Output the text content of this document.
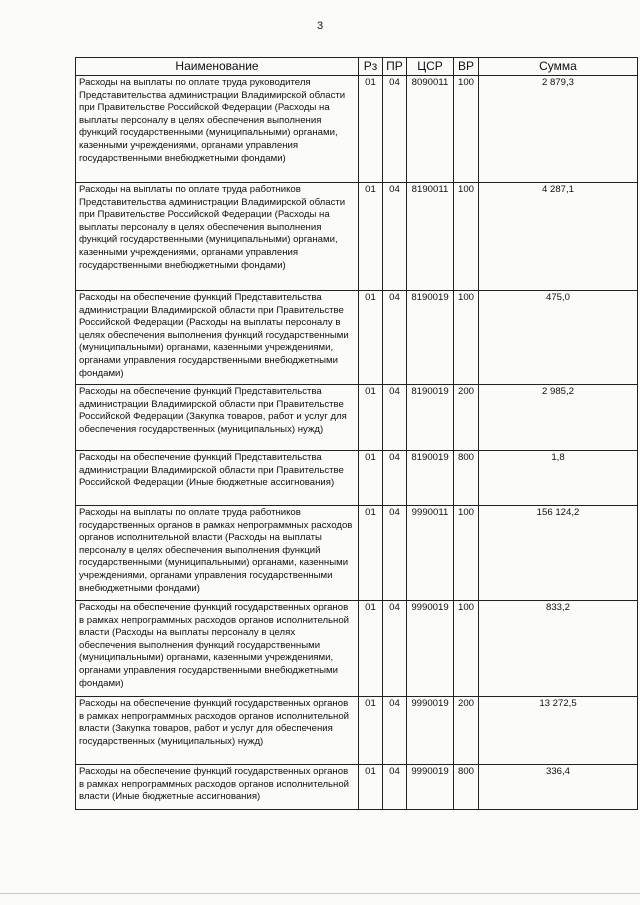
3
Наименование	Рз	ПР	ЦСР	ВР	Сумма
Расходы на выплаты по оплате труда руководителя Представительства администрации Владимирской области при Правительстве Российской Федерации (Расходы на выплаты персоналу в целях обеспечения выполнения функций государственными (муниципальными) органами, казенными учреждениями, органами управления государственными внебюджетными фондами)	01	04	8090011	100	2 879,3
Расходы на выплаты по оплате труда работников Представительства администрации Владимирской области при Правительстве Российской Федерации (Расходы на выплаты персоналу в целях обеспечения выполнения функций государственными (муниципальными) органами, казенными учреждениями, органами управления государственными внебюджетными фондами)	01	04	8190011	100	4 287,1
Расходы на обеспечение функций Представительства администрации Владимирской области при Правительстве Российской Федерации (Расходы на выплаты персоналу в целях обеспечения выполнения функций государственными (муниципальными) органами, казенными учреждениями, органами управления государственными внебюджетными фондами)	01	04	8190019	100	475,0
Расходы на обеспечение функций Представительства администрации Владимирской области при Правительстве Российской Федерации (Закупка товаров, работ и услуг для обеспечения государственных (муниципальных) нужд)	01	04	8190019	200	2 985,2
Расходы на обеспечение функций Представительства администрации Владимирской области при Правительстве Российской Федерации (Иные бюджетные ассигнования)	01	04	8190019	800	1,8
Расходы на выплаты по оплате труда работников государственных органов в рамках непрограммных расходов органов исполнительной власти (Расходы на выплаты персоналу в целях обеспечения выполнения функций государственными (муниципальными) органами, казенными учреждениями, органами управления государственными внебюджетными фондами)	01	04	9990011	100	156 124,2
Расходы на обеспечение функций государственных органов в рамках непрограммных расходов органов исполнительной власти (Расходы на выплаты персоналу в целях обеспечения выполнения функций государственными (муниципальными) органами, казенными учреждениями, органами управления государственными внебюджетными фондами)	01	04	9990019	100	833,2
Расходы на обеспечение функций государственных органов в рамках непрограммных расходов органов исполнительной власти (Закупка товаров, работ и услуг для обеспечения государственных (муниципальных) нужд)	01	04	9990019	200	13 272,5
Расходы на обеспечение функций государственных органов в рамках непрограммных расходов органов исполнительной власти (Иные бюджетные ассигнования)	01	04	9990019	800	336,4
